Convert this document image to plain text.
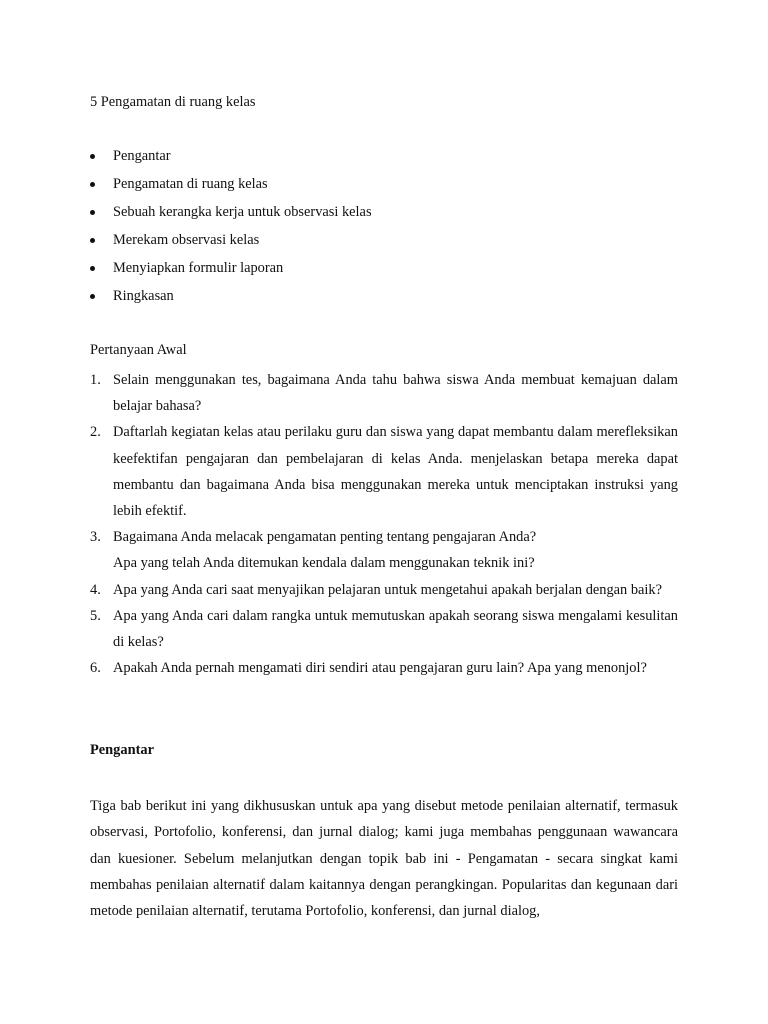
5 Pengamatan di ruang kelas
Pengantar
Pengamatan di ruang kelas
Sebuah kerangka kerja untuk observasi kelas
Merekam observasi kelas
Menyiapkan formulir laporan
Ringkasan
Pertanyaan Awal
1. Selain menggunakan tes, bagaimana Anda tahu bahwa siswa Anda membuat kemajuan dalam belajar bahasa?
2. Daftarlah kegiatan kelas atau perilaku guru dan siswa yang dapat membantu dalam merefleksikan keefektifan pengajaran dan pembelajaran di kelas Anda. menjelaskan betapa mereka dapat membantu dan bagaimana Anda bisa menggunakan mereka untuk menciptakan instruksi yang lebih efektif.
3. Bagaimana Anda melacak pengamatan penting tentang pengajaran Anda?
Apa yang telah Anda ditemukan kendala dalam menggunakan teknik ini?
4. Apa yang Anda cari saat menyajikan pelajaran untuk mengetahui apakah berjalan dengan baik?
5. Apa yang Anda cari dalam rangka untuk memutuskan apakah seorang siswa mengalami kesulitan di kelas?
6. Apakah Anda pernah mengamati diri sendiri atau pengajaran guru lain? Apa yang menonjol?
Pengantar

Tiga bab berikut ini yang dikhususkan untuk apa yang disebut metode penilaian alternatif, termasuk observasi, Portofolio, konferensi, dan jurnal dialog; kami juga membahas penggunaan wawancara dan kuesioner. Sebelum melanjutkan dengan topik bab ini - Pengamatan - secara singkat kami membahas penilaian alternatif dalam kaitannya dengan perangkingan. Popularitas dan kegunaan dari metode penilaian alternatif, terutama Portofolio, konferensi, dan jurnal dialog,
